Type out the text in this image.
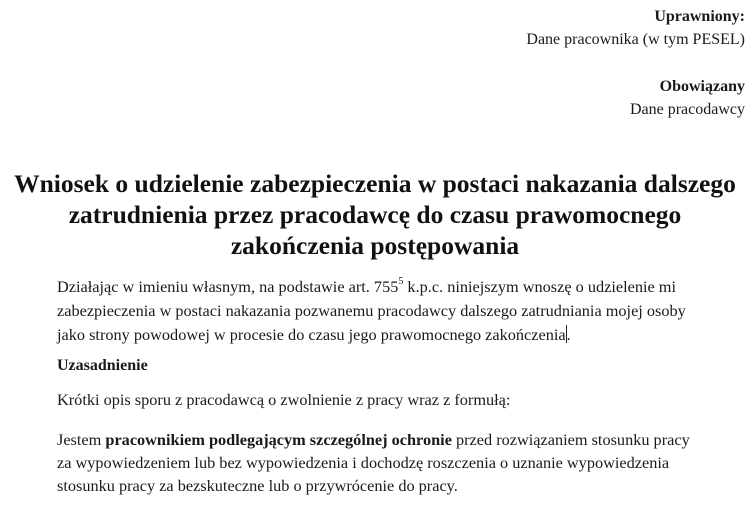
Uprawniony:
Dane pracownika (w tym PESEL)
Obowiązany
Dane pracodawcy
Wniosek o udzielenie zabezpieczenia w postaci nakazania dalszego
zatrudnienia przez pracodawcę do czasu prawomocnego
zakończenia postępowania

Działając w imieniu własnym, na podstawie art. $755^5$ k.p.c. niniejszym wnoszę o udzielenie mi
zabezpieczenia w postaci nakazania pozwanemu pracodawcy dalszego zatrudniania mojej osoby
jako strony powodowej w procesie do czasu jego prawomocnego zakończenia.

Uzasadnienie

Krótki opis sporu z pracodawcą o zwolnienie z pracy wraz z formułą:

Jestem pracownikiem podlegającym szczególnej ochronie przed rozwiązaniem stosunku pracy
za wypowiedzeniem lub bez wypowiedzenia i dochodzę roszczenia o uznanie wypowiedzenia
stosunku pracy za bezskuteczne lub o przywrócenie do pracy.
